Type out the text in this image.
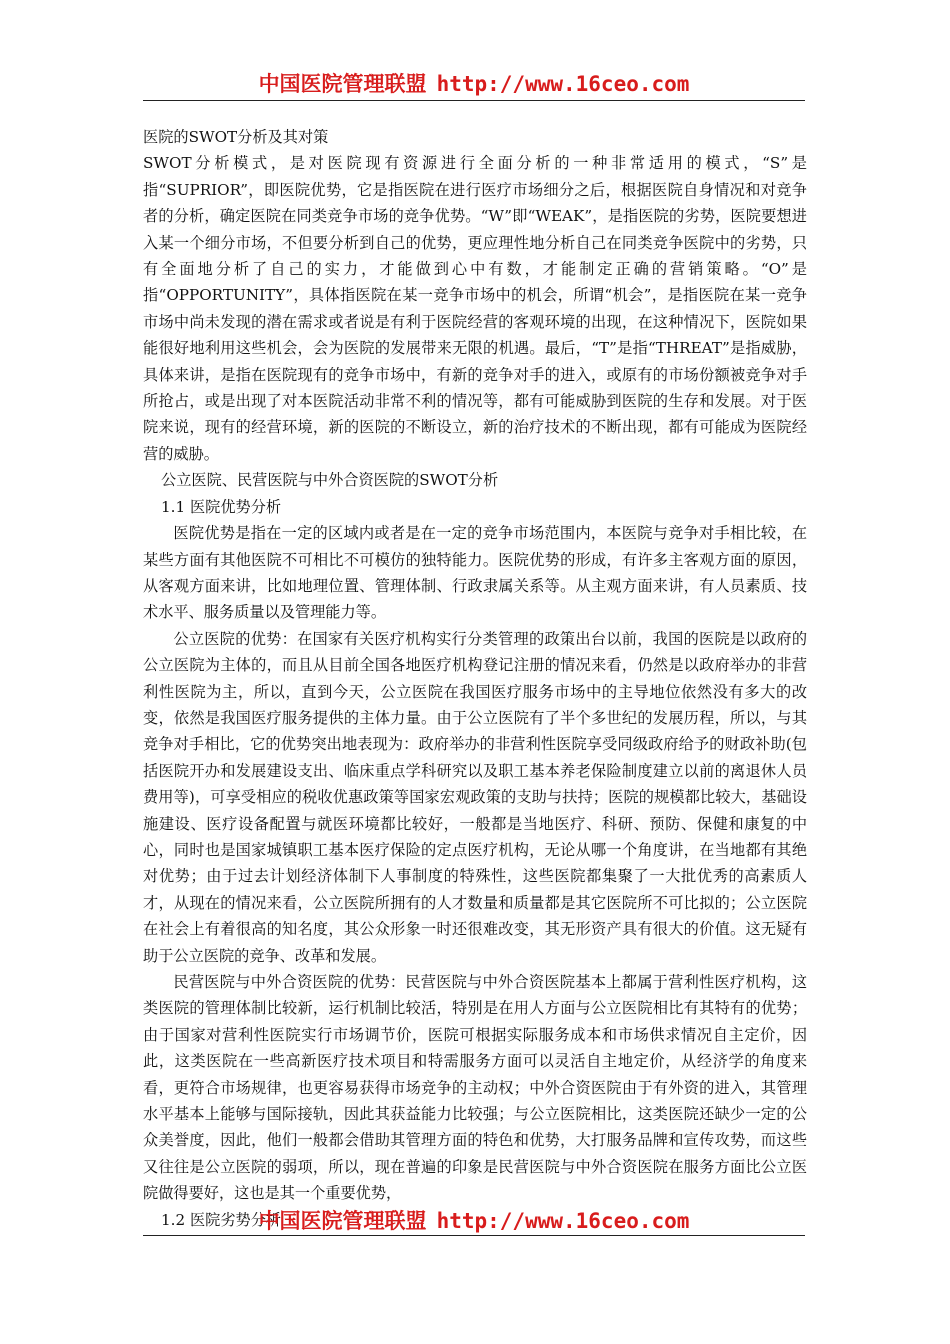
中国医院管理联盟 http://www.16ceo.com

医院的SWOT分析及其对策

SWOT分析模式，是对医院现有资源进行全面分析的一种非常适用的模式，“S”是指“SUPRIOR”，即医院优势，它是指医院在进行医疗市场细分之后，根据医院自身情况和对竞争者的分析，确定医院在同类竞争市场的竞争优势。“W”即“WEAK”，是指医院的劣势，医院要想进入某一个细分市场，不但要分析到自己的优势，更应理性地分析自己在同类竞争医院中的劣势，只有全面地分析了自己的实力，才能做到心中有数，才能制定正确的营销策略。“O”是指“OPPORTUNITY”，具体指医院在某一竞争市场中的机会，所谓“机会”，是指医院在某一竞争市场中尚未发现的潜在需求或者说是有利于医院经营的客观环境的出现，在这种情况下，医院如果能很好地利用这些机会，会为医院的发展带来无限的机遇。最后，“T”是指“THREAT”是指威胁，具体来讲，是指在医院现有的竞争市场中，有新的竞争对手的进入，或原有的市场份额被竞争对手所抢占，或是出现了对本医院活动非常不利的情况等，都有可能威胁到医院的生存和发展。对于医院来说，现有的经营环境，新的医院的不断设立，新的治疗技术的不断出现，都有可能成为医院经营的威胁。

公立医院、民营医院与中外合资医院的SWOT分析

1.1 医院优势分析

医院优势是指在一定的区域内或者是在一定的竞争市场范围内，本医院与竞争对手相比较，在某些方面有其他医院不可相比不可模仿的独特能力。医院优势的形成，有许多主客观方面的原因，从客观方面来讲，比如地理位置、管理体制、行政隶属关系等。从主观方面来讲，有人员素质、技术水平、服务质量以及管理能力等。

公立医院的优势：在国家有关医疗机构实行分类管理的政策出台以前，我国的医院是以政府的公立医院为主体的，而且从目前全国各地医疗机构登记注册的情况来看，仍然是以政府举办的非营利性医院为主，所以，直到今天，公立医院在我国医疗服务市场中的主导地位依然没有多大的改变，依然是我国医疗服务提供的主体力量。由于公立医院有了半个多世纪的发展历程，所以，与其竞争对手相比，它的优势突出地表现为：政府举办的非营利性医院享受同级政府给予的财政补助(包括医院开办和发展建设支出、临床重点学科研究以及职工基本养老保险制度建立以前的离退休人员费用等)，可享受相应的税收优惠政策等国家宏观政策的支助与扶持；医院的规模都比较大，基础设施建设、医疗设备配置与就医环境都比较好，一般都是当地医疗、科研、预防、保健和康复的中心，同时也是国家城镇职工基本医疗保险的定点医疗机构，无论从哪一个角度讲，在当地都有其绝对优势；由于过去计划经济体制下人事制度的特殊性，这些医院都集聚了一大批优秀的高素质人才，从现在的情况来看，公立医院所拥有的人才数量和质量都是其它医院所不可比拟的；公立医院在社会上有着很高的知名度，其公众形象一时还很难改变，其无形资产具有很大的价值。这无疑有助于公立医院的竞争、改革和发展。

民营医院与中外合资医院的优势：民营医院与中外合资医院基本上都属于营利性医疗机构，这类医院的管理体制比较新，运行机制比较活，特别是在用人方面与公立医院相比有其特有的优势；由于国家对营利性医院实行市场调节价，医院可根据实际服务成本和市场供求情况自主定价，因此，这类医院在一些高新医疗技术项目和特需服务方面可以灵活自主地定价，从经济学的角度来看，更符合市场规律，也更容易获得市场竞争的主动权；中外合资医院由于有外资的进入，其管理水平基本上能够与国际接轨，因此其获益能力比较强；与公立医院相比，这类医院还缺少一定的公众美誉度，因此，他们一般都会借助其管理方面的特色和优势，大打服务品牌和宣传攻势，而这些又往往是公立医院的弱项，所以，现在普遍的印象是民营医院与中外合资医院在服务方面比公立医院做得要好，这也是其一个重要优势，

1.2 医院劣势分析

中国医院管理联盟 http://www.16ceo.com
